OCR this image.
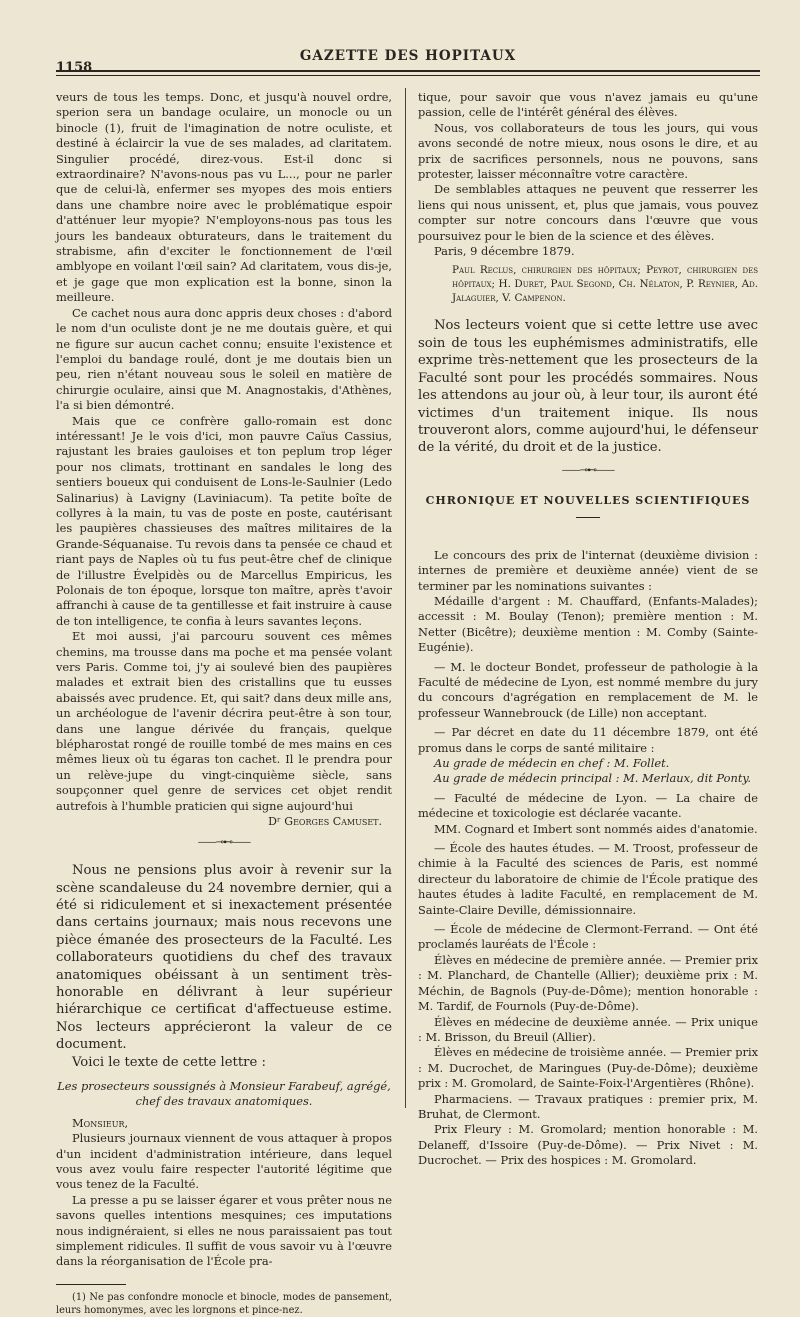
1158
GAZETTE DES HOPITAUX

veurs de tous les temps. Donc, et jusqu'à nouvel ordre, sperion sera un bandage oculaire, un monocle ou un binocle (1), fruit de l'imagination de notre oculiste, et destiné à éclaircir la vue de ses malades, ad claritatem. Singulier procédé, direz-vous. Est-il donc si extraordinaire? N'avons-nous pas vu L..., pour ne parler que de celui-là, enfermer ses myopes des mois entiers dans une chambre noire avec le problématique espoir d'atténuer leur myopie? N'employons-nous pas tous les jours les bandeaux obturateurs, dans le traitement du strabisme, afin d'exciter le fonctionnement de l'œil amblyope en voilant l'œil sain? Ad claritatem, vous dis-je, et je gage que mon explication est la bonne, sinon la meilleure.

Ce cachet nous aura donc appris deux choses : d'abord le nom d'un oculiste dont je ne me doutais guère, et qui ne figure sur aucun cachet connu; ensuite l'existence et l'emploi du bandage roulé, dont je me doutais bien un peu, rien n'étant nouveau sous le soleil en matière de chirurgie oculaire, ainsi que M. Anagnostakis, d'Athènes, l'a si bien démontré.

Mais que ce confrère gallo-romain est donc intéressant! Je le vois d'ici, mon pauvre Caïus Cassius, rajustant les braies gauloises et ton peplum trop léger pour nos climats, trottinant en sandales le long des sentiers boueux qui conduisent de Lons-le-Saulnier (Ledo Salinarius) à Lavigny (Laviniacum). Ta petite boîte de collyres à la main, tu vas de poste en poste, cautérisant les paupières chassieuses des maîtres militaires de la Grande-Séquanaise. Tu revois dans ta pensée ce chaud et riant pays de Naples où tu fus peut-être chef de clinique de l'illustre Évelpidès ou de Marcellus Empiricus, les Polonais de ton époque, lorsque ton maître, après t'avoir affranchi à cause de ta gentillesse et fait instruire à cause de ton intelligence, te confia à leurs savantes leçons.

Et moi aussi, j'ai parcouru souvent ces mêmes chemins, ma trousse dans ma poche et ma pensée volant vers Paris. Comme toi, j'y ai soulevé bien des paupières malades et extrait bien des cristallins que tu eusses abaissés avec prudence. Et, qui sait? dans deux mille ans, un archéologue de l'avenir décrira peut-être à son tour, dans une langue dérivée du français, quelque blépharostat rongé de rouille tombé de mes mains en ces mêmes lieux où tu égaras ton cachet. Il le prendra pour un relève-jupe du vingt-cinquième siècle, sans soupçonner quel genre de services cet objet rendit autrefois à l'humble praticien qui signe aujourd'hui

Dʳ Georges Camuset.

——⊸⊷——

Nous ne pensions plus avoir à revenir sur la scène scandaleuse du 24 novembre dernier, qui a été si ridiculement et si inexactement présentée dans certains journaux; mais nous recevons une pièce émanée des prosecteurs de la Faculté. Les collaborateurs quotidiens du chef des travaux anatomiques obéissant à un sentiment très-honorable en délivrant à leur supérieur hiérarchique ce certificat d'affectueuse estime. Nos lecteurs apprécieront la valeur de ce document.

Voici le texte de cette lettre :

Les prosecteurs soussignés à Monsieur Farabeuf, agrégé, chef des travaux anatomiques.

Monsieur,

Plusieurs journaux viennent de vous attaquer à propos d'un incident d'administration intérieure, dans lequel vous avez voulu faire respecter l'autorité légitime que vous tenez de la Faculté.

La presse a pu se laisser égarer et vous prêter nous ne savons quelles intentions mesquines; ces imputations nous indignéraient, si elles ne nous paraissaient pas tout simplement ridicules. Il suffit de vous savoir vu à l'œuvre dans la réorganisation de l'École pra-

(1) Ne pas confondre monocle et binocle, modes de pansement, leurs homonymes, avec les lorgnons et pince-nez.

tique, pour savoir que vous n'avez jamais eu qu'une passion, celle de l'intérêt général des élèves.

Nous, vos collaborateurs de tous les jours, qui vous avons secondé de notre mieux, nous osons le dire, et au prix de sacrifices personnels, nous ne pouvons, sans protester, laisser méconnaître votre caractère.

De semblables attaques ne peuvent que resserrer les liens qui nous unissent, et, plus que jamais, vous pouvez compter sur notre concours dans l'œuvre que vous poursuivez pour le bien de la science et des élèves.

Paris, 9 décembre 1879.

Paul Reclus, chirurgien des hôpitaux; Peyrot, chirurgien des hôpitaux; H. Duret, Paul Segond, Ch. Nélaton, P. Reynier, Ad. Jalaguier, V. Campenon.

Nos lecteurs voient que si cette lettre use avec soin de tous les euphémismes administratifs, elle exprime très-nettement que les prosecteurs de la Faculté sont pour les procédés sommaires. Nous les attendons au jour où, à leur tour, ils auront été victimes d'un traitement inique. Ils nous trouveront alors, comme aujourd'hui, le défenseur de la vérité, du droit et de la justice.

——⊸⊷——
CHRONIQUE ET NOUVELLES SCIENTIFIQUES

Le concours des prix de l'internat (deuxième division : internes de première et deuxième année) vient de se terminer par les nominations suivantes :

Médaille d'argent : M. Chauffard, (Enfants-Malades); accessit : M. Boulay (Tenon); première mention : M. Netter (Bicêtre); deuxième mention : M. Comby (Sainte-Eugénie).

— M. le docteur Bondet, professeur de pathologie à la Faculté de médecine de Lyon, est nommé membre du jury du concours d'agrégation en remplacement de M. le professeur Wannebrouck (de Lille) non acceptant.

— Par décret en date du 11 décembre 1879, ont été promus dans le corps de santé militaire :

Au grade de médecin en chef : M. Follet.

Au grade de médecin principal : M. Merlaux, dit Ponty.

— Faculté de médecine de Lyon. — La chaire de médecine et toxicologie est déclarée vacante.

MM. Cognard et Imbert sont nommés aides d'anatomie.

— École des hautes études. — M. Troost, professeur de chimie à la Faculté des sciences de Paris, est nommé directeur du laboratoire de chimie de l'École pratique des hautes études à ladite Faculté, en remplacement de M. Sainte-Claire Deville, démissionnaire.

— École de médecine de Clermont-Ferrand. — Ont été proclamés lauréats de l'École :

Élèves en médecine de première année. — Premier prix : M. Planchard, de Chantelle (Allier); deuxième prix : M. Méchin, de Bagnols (Puy-de-Dôme); mention honorable : M. Tardif, de Fournols (Puy-de-Dôme).

Élèves en médecine de deuxième année. — Prix unique : M. Brisson, du Breuil (Allier).

Élèves en médecine de troisième année. — Premier prix : M. Ducrochet, de Maringues (Puy-de-Dôme); deuxième prix : M. Gromolard, de Sainte-Foix-l'Argentières (Rhône).

Pharmaciens. — Travaux pratiques : premier prix, M. Bruhat, de Clermont.

Prix Fleury : M. Gromolard; mention honorable : M. Delaneff, d'Issoire (Puy-de-Dôme). — Prix Nivet : M. Ducrochet. — Prix des hospices : M. Gromolard.
